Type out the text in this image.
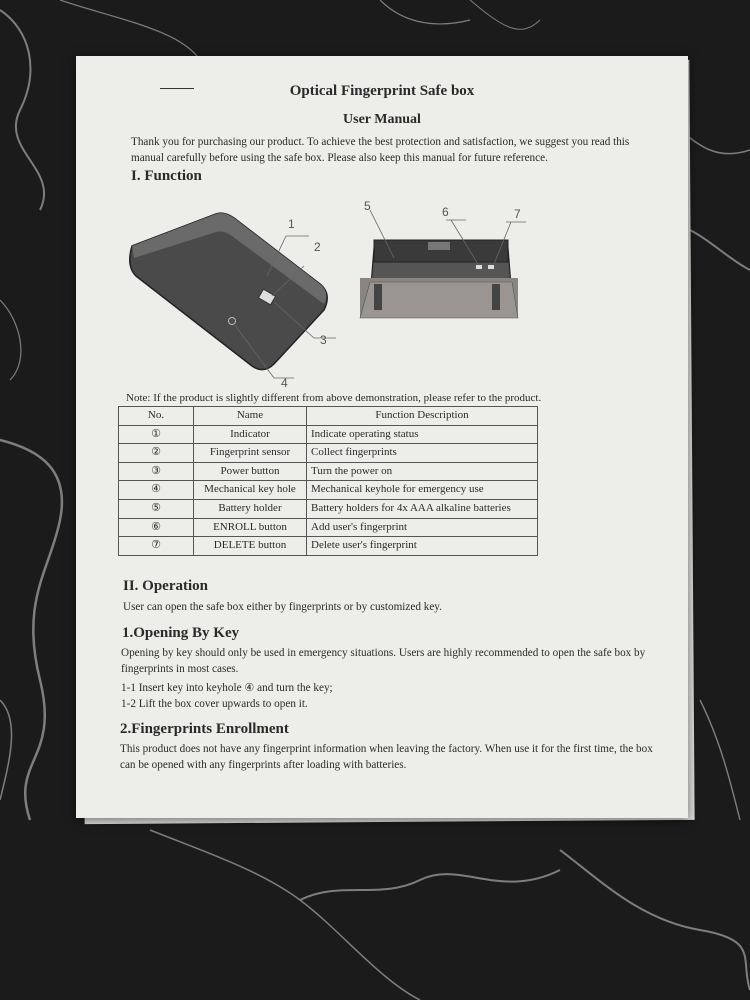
Optical Fingerprint Safe box
User Manual
Thank you for purchasing our product. To achieve the best protection and satisfaction, we suggest you read this manual carefully before using the safe box. Please also keep this manual for future reference.
I. Function
1
2
3
4
5	6	7
Note: If the product is slightly different from above demonstration, please refer to the product.
No.	Name	Function Description
①	Indicator	Indicate operating status
②	Fingerprint sensor	Collect fingerprints
③	Power button	Turn the power on
④	Mechanical key hole	Mechanical keyhole for emergency use
⑤	Battery holder	Battery holders for 4x AAA alkaline batteries
⑥	ENROLL button	Add user's fingerprint
⑦	DELETE button	Delete user's fingerprint
II. Operation
User can open the safe box either by fingerprints or by customized key.
1.Opening By Key
Opening by key should only be used in emergency situations. Users are highly recommended to open the safe box by fingerprints in most cases.
1-1 Insert key into keyhole ④ and turn the key;
1-2 Lift the box cover upwards to open it.
2.Fingerprints Enrollment
This product does not have any fingerprint information when leaving the factory. When use it for the first time, the box can be opened with any fingerprints after loading with batteries.
